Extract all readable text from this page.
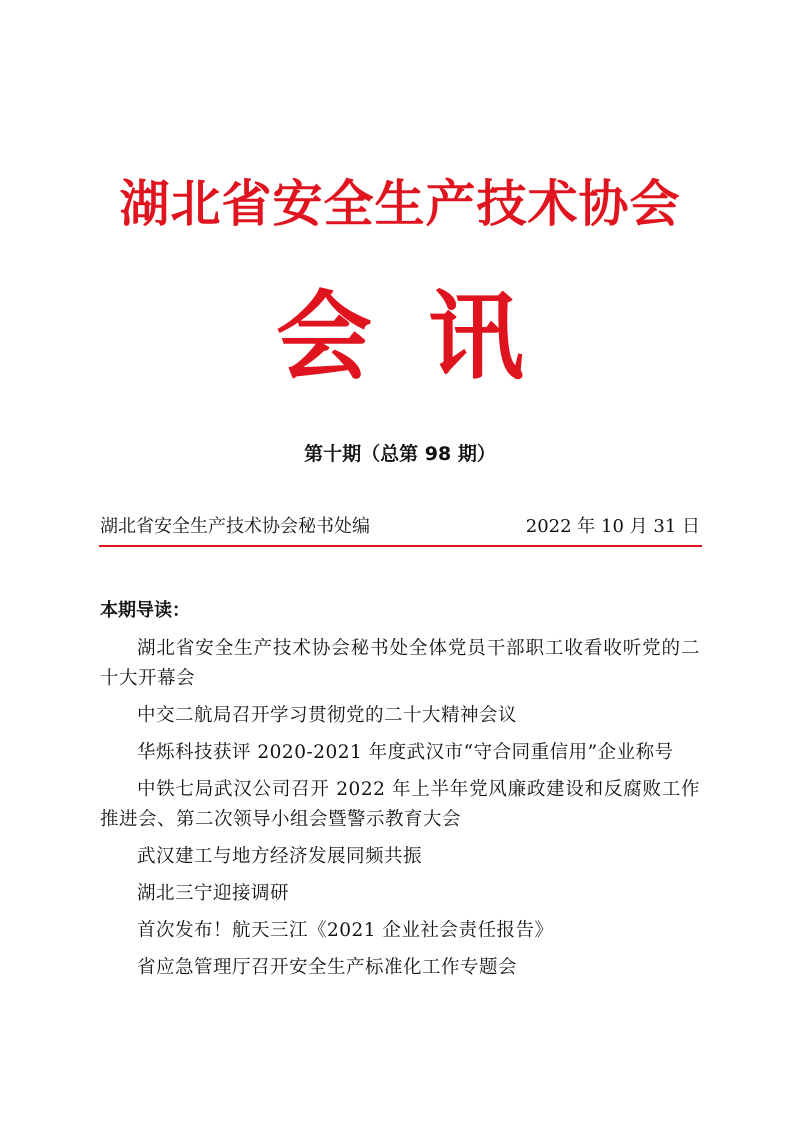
湖北省安全生产技术协会
会讯
第十期（总第 98 期）
湖北省安全生产技术协会秘书处编	2022 年 10 月 31 日
本期导读：
湖北省安全生产技术协会秘书处全体党员干部职工收看收听党的二十大开幕会
中交二航局召开学习贯彻党的二十大精神会议
华烁科技获评 2020-2021 年度武汉市“守合同重信用”企业称号
中铁七局武汉公司召开 2022 年上半年党风廉政建设和反腐败工作推进会、第二次领导小组会暨警示教育大会
武汉建工与地方经济发展同频共振
湖北三宁迎接调研
首次发布！航天三江《2021 企业社会责任报告》
省应急管理厅召开安全生产标准化工作专题会
